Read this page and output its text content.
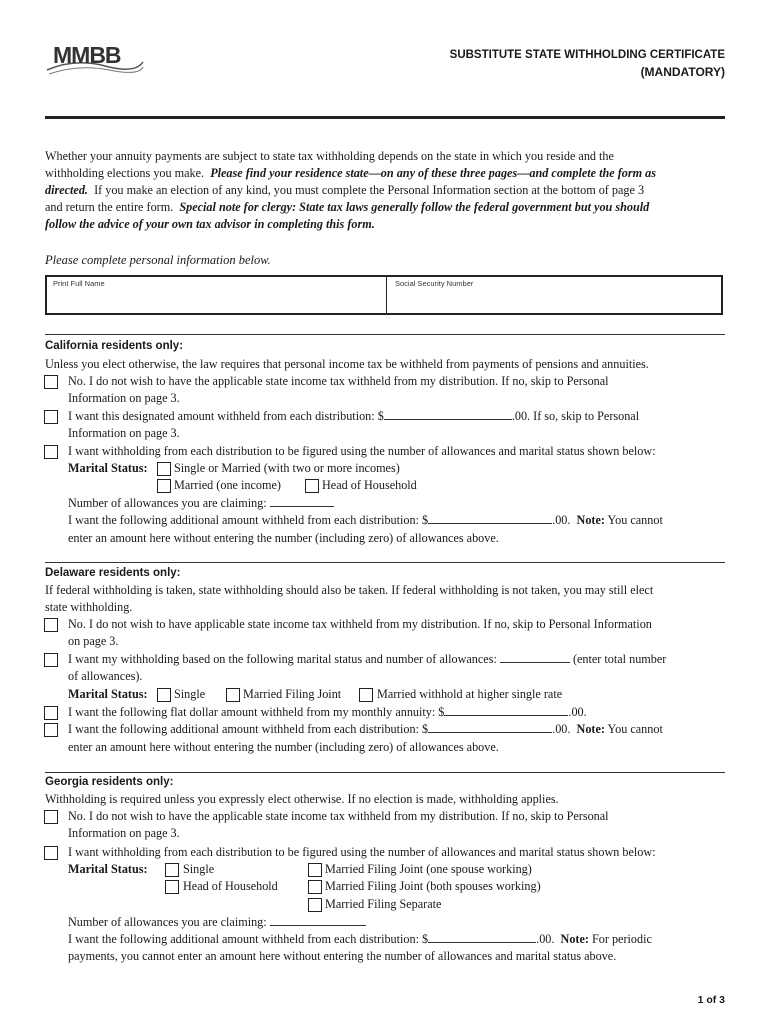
MMBB	SUBSTITUTE STATE WITHHOLDING CERTIFICATE
(MANDATORY)
Whether your annuity payments are subject to state tax withholding depends on the state in which you reside and the
withholding elections you make. Please find your residence state—on any of these three pages—and complete the form as
directed. If you make an election of any kind, you must complete the Personal Information section at the bottom of page 3
and return the entire form. Special note for clergy: State tax laws generally follow the federal government but you should
follow the advice of your own tax advisor in completing this form.
Please complete personal information below.
Print Full Name	Social Security Number
California residents only:
Unless you elect otherwise, the law requires that personal income tax be withheld from payments of pensions and annuities.
No. I do not wish to have the applicable state income tax withheld from my distribution. If no, skip to Personal
Information on page 3.
I want this designated amount withheld from each distribution: $	.00. If so, skip to Personal
Information on page 3.
I want withholding from each distribution to be figured using the number of allowances and marital status shown below:
Marital Status: Single or Married (with two or more incomes)
Married (one income)	Head of Household
Number of allowances you are claiming:
I want the following additional amount withheld from each distribution: $	.00. Note: You cannot
enter an amount here without entering the number (including zero) of allowances above.
Delaware residents only:
If federal withholding is taken, state withholding should also be taken. If federal withholding is not taken, you may still elect
state withholding.
No. I do not wish to have applicable state income tax withheld from my distribution. If no, skip to Personal Information
on page 3.
I want my withholding based on the following marital status and number of allowances:	(enter total number
of allowances).
Marital Status: Single	Married Filing Joint	Married withhold at higher single rate
I want the following flat dollar amount withheld from my monthly annuity: $	.00.
I want the following additional amount withheld from each distribution: $	.00. Note: You cannot
enter an amount here without entering the number (including zero) of allowances above.
Georgia residents only:
Withholding is required unless you expressly elect otherwise. If no election is made, withholding applies.
No. I do not wish to have the applicable state income tax withheld from my distribution. If no, skip to Personal
Information on page 3.
I want withholding from each distribution to be figured using the number of allowances and marital status shown below:
Marital Status:	Single	Married Filing Joint (one spouse working)
Head of Household	Married Filing Joint (both spouses working)
Married Filing Separate
Number of allowances you are claiming:
I want the following additional amount withheld from each distribution: $	.00. Note: For periodic
payments, you cannot enter an amount here without entering the number of allowances and marital status above.
1 of 3
